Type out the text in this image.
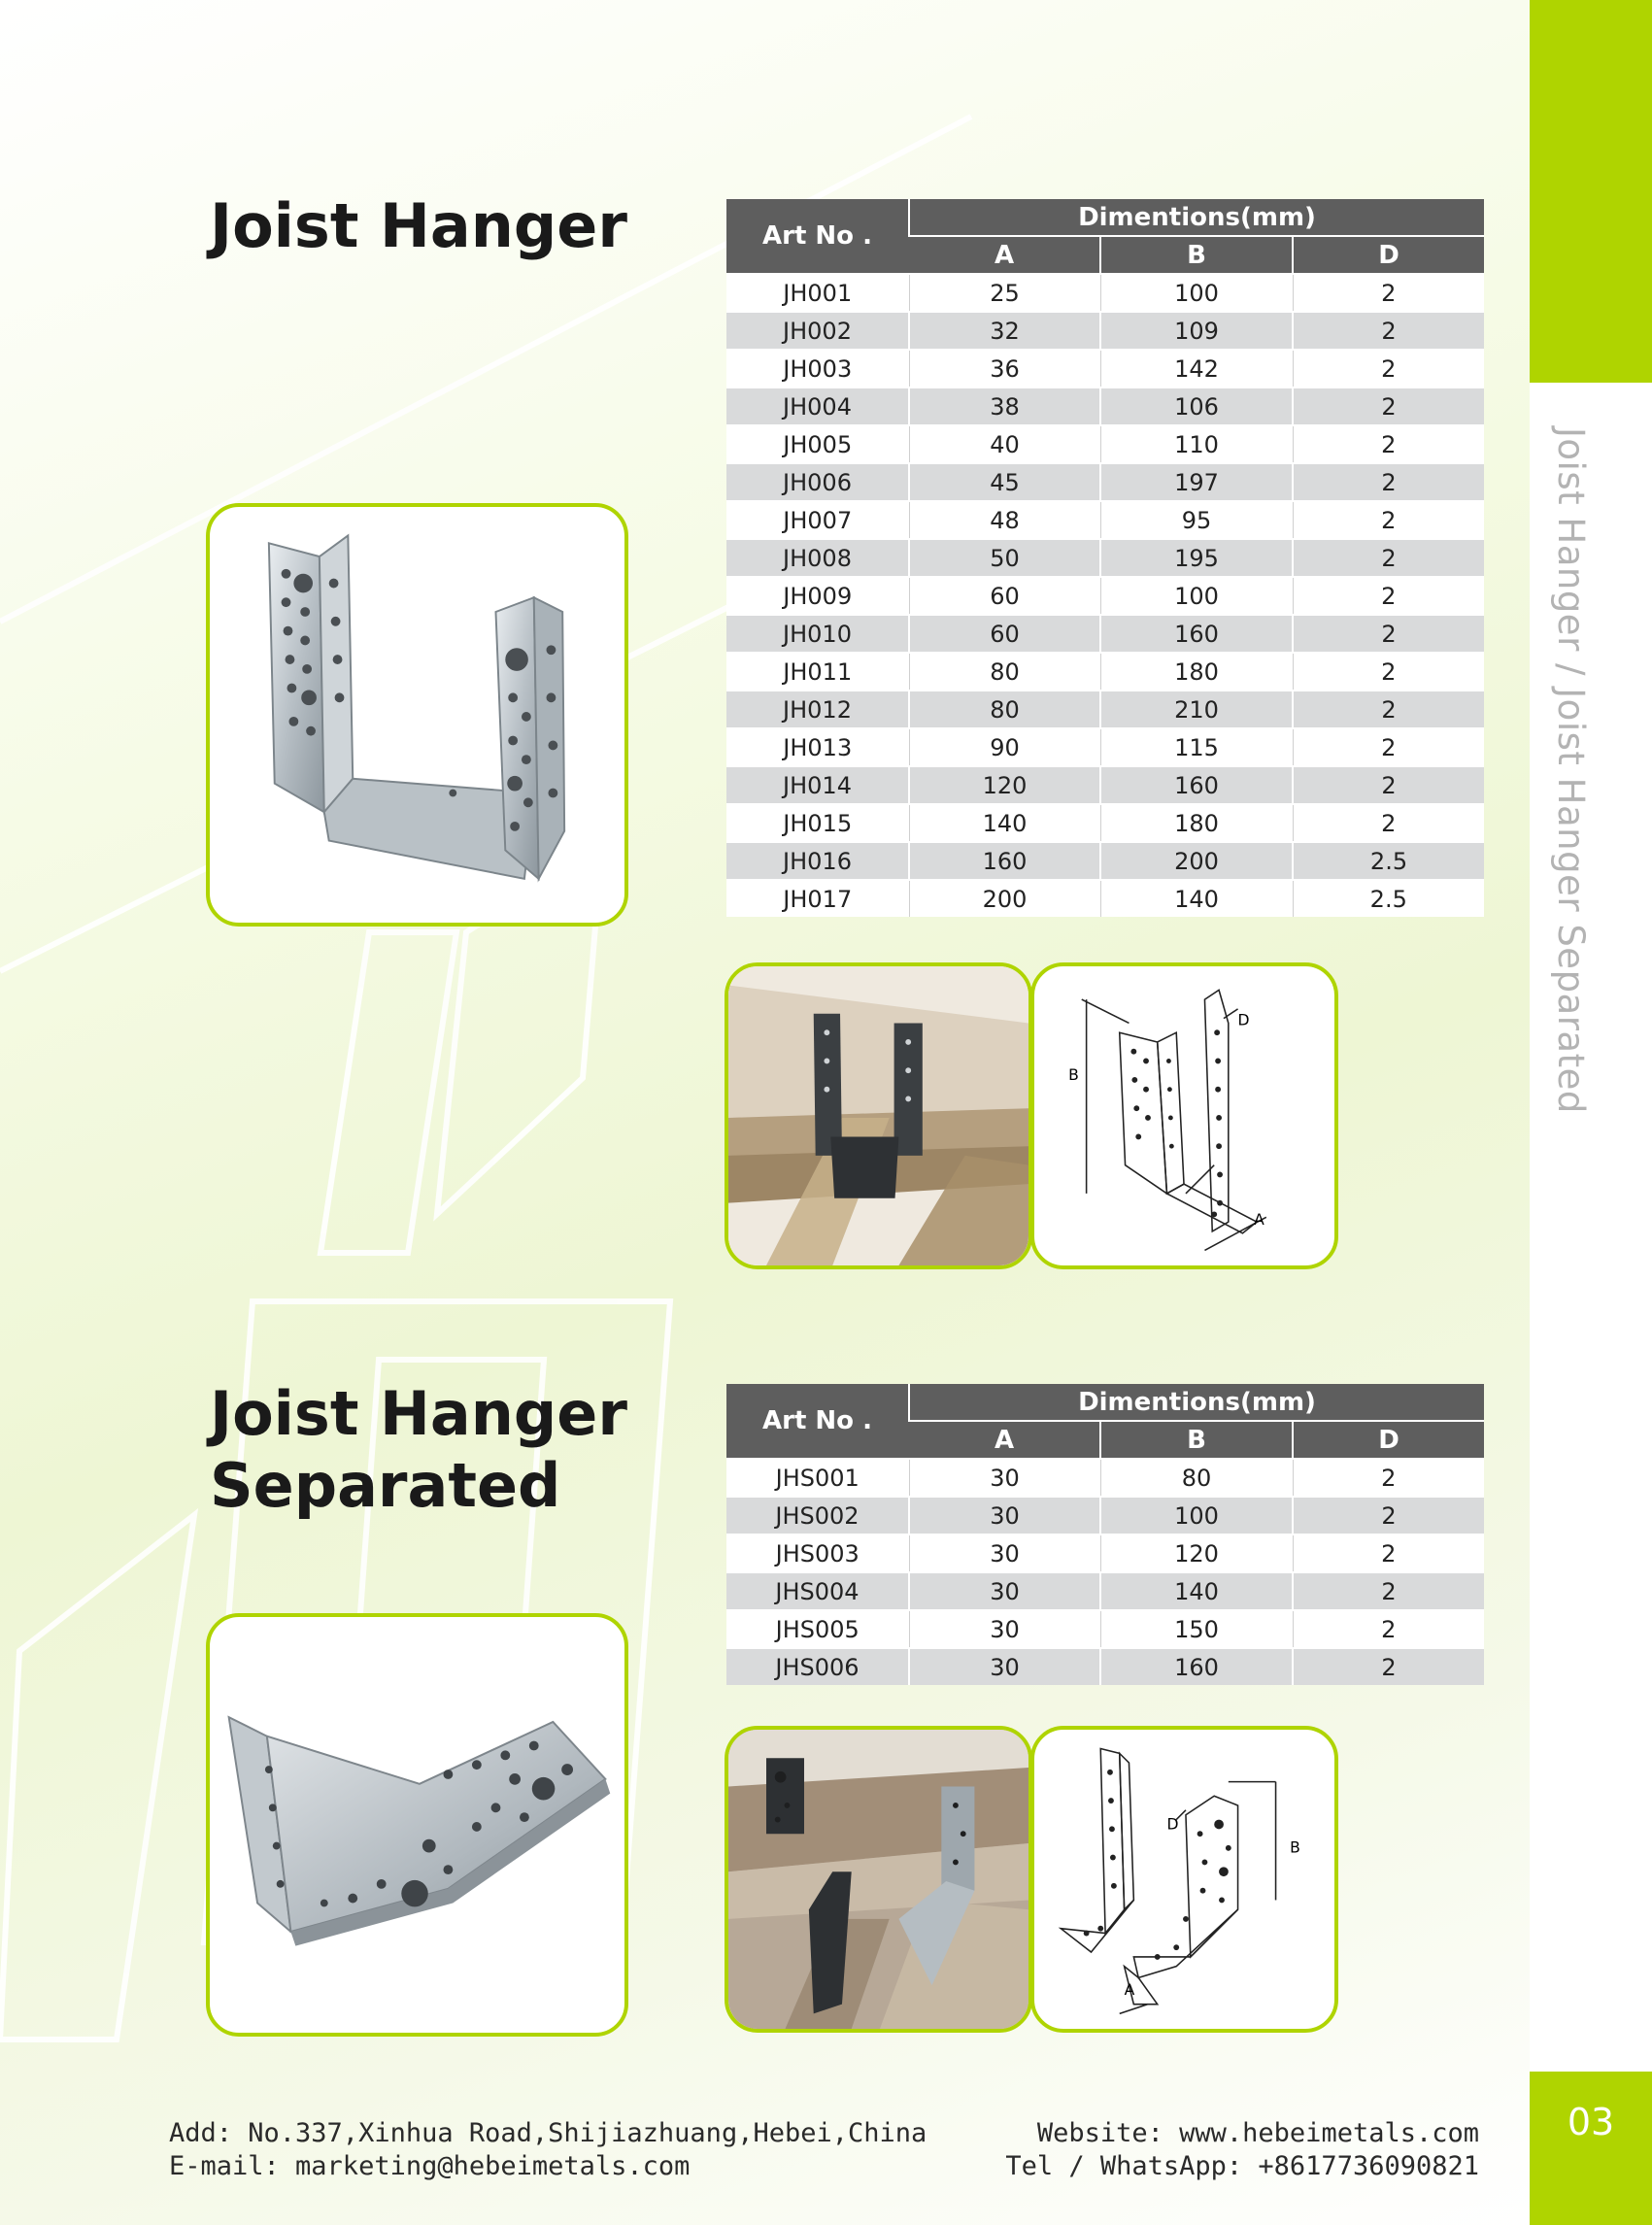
Joist Hanger / Joist Hanger Separated
03
Joist Hanger	Art No .	Dimentions(mm)		
	A	B	D
JH001	25	100	2
JH002	32	109	2
JH003	36	142	2
JH004	38	106	2
JH005	40	110	2
JH006	45	197	2
JH007	48	95	2
JH008	50	195	2
JH009	60	100	2
JH010	60	160	2
JH011	80	180	2
JH012	80	210	2
JH013	90	115	2
JH014	120	160	2
JH015	140	180	2
JH016	160	200	2.5
JH017	200	140	2.5
B
D
A
Joist Hanger
Separated
Art No .	Dimentions(mm)		
	A	B	D
JHS001	30	80	2
JHS002	30	100	2
JHS003	30	120	2
JHS004	30	140	2
JHS005	30	150	2
JHS006	30	160	2
D
B
A
Add: No.337,Xinhua Road,Shijiazhuang,Hebei,China
E-mail: marketing@hebeimetals.com
Website: www.hebeimetals.com
Tel / WhatsApp: +8617736090821
